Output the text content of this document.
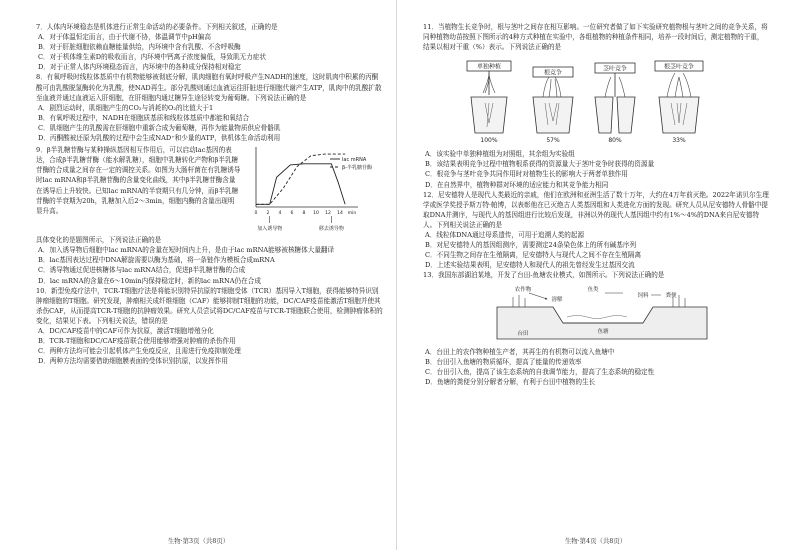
7．人体内环境稳态是机体进行正常生命活动的必要条件。下列相关叙述，正确的是

A．对于体温恒定而言，由于代谢不协，体温调节中pH偏高

B．对于肝脏细胞依赖血糖能量供给，内环境中含有乳酸、不含呼吸酶

C．对于机体维生素D的吸收而言，内环境中钙离子浓度偏低，导致肌无力症状

D．对于正常人体内环境稳态而言，内环境中的各种成分保持相对稳定

8．有氧呼吸时线粒体基质中有机物能够被彻底分解，肌肉细胞有氧时呼吸产生NADH的速度，这时肌肉中积累的丙酮酸可由乳酸脱氢酶转化为乳酸，使NAD再生。部分乳酸则通过血液运往肝脏进行细胞代谢产生ATP，肌肉中的乳酸扩散至血液并通过血液运入肝细胞，在肝细胞内通过糖异生途径转变为葡萄糖。下列说法正确的是

A．剧烈运动时，肌细胞产生的CO₂与消耗的O₂的比值大于1

B．有氧呼吸过程中，NADH在细胞质基质和线粒体基质中都能和氧结合

C．肌细胞产生的乳酸需在肝细胞中重新合成为葡萄糖，再作为能量物质供应骨骼肌

D．丙酮酸被还原为乳酸的过程中会生成NAD⁺和少量的ATP，供机体生命活动利用

9．β半乳糖苷酶与某种操纵基因相互作用后，可以启动lac基因的表达，合成β半乳糖苷酶（能水解乳糖），细胞中乳糖转化产物和β半乳糖苷酶的合成量之间存在一定的调控关系。如图为大肠杆菌在有乳糖诱导时lac mRNA和β半乳糖苷酶的含量变化曲线，其中β半乳糖苷酶含量在诱导后上升较快。已知lac mRNA的半衰期只有几分钟，而β半乳糖苷酶的半衰期为20h，乳糖加入后2～3min，细胞内酶的含量出现明显升高。

lac mRNA
β-半乳糖苷酶
0 2 4 6 8 10 12 14 min
加入诱导物	移去诱导物

具体变化的是题图所示，下列说法正确的是

A．加入诱导物后细胞中lac mRNA的含量在短时间内上升，是由于lac mRNA能够被核糖体大量翻译

B．lac基因表达过程中DNA解旋需要以酶为基础，将一条链作为模板合成mRNA

C．诱导物通过促进核糖体与lac mRNA结合，促进β半乳糖苷酶的合成

D．lac mRNA的含量在6～10min内保持稳定时，新的lac mRNA仍在合成

10．新型免疫疗法中，TCR-T细胞疗法是将能识别特异抗原的T细胞受体（TCR）基因导入T细胞，获得能够特异识别肿瘤细胞的T细胞。研究发现，肿瘤相关成纤维细胞（CAF）能够抑制T细胞的功能，DC/CAF疫苗能激活T细胞并使其杀伤CAF，从而提高TCR-T细胞的抗肿瘤效果。研究人员尝试将DC/CAF疫苗与TCR-T细胞联合使用，检测肿瘤体积的变化，结果见下表。下列相关说法，错误的是

A．DC/CAF疫苗中的CAF可作为抗原，激活T细胞增殖分化

B．TCR-T细胞和DC/CAF疫苗联合使用能够增强对肿瘤的杀伤作用

C．两种方法均可能会引起机体产生免疫反应，且需进行免疫抑制处理

D．两种方法均需要借助细胞膜表面的受体识别抗原，以发挥作用

生物·第3页（共8页）

11．当植物生长竞争时，根与茎叶之间存在相互影响。一位研究者做了如下实验研究植物根与茎叶之间的竞争关系，将同种植物幼苗按照下图所示的4种方式种植在实验中，各组植物的种植条件相同，培养一段时间后，测定植物的干重，结果以相对干重（%）表示。下列说法正确的是

单独种植
100%
根竞争
57%
茎叶竞争
80%
根茎叶竞争
33%

A．该实验中单独种植组为对照组，其余组为实验组

B．该结果表明竞争过程中植物根系获得的资源量大于茎叶竞争时获得的资源量

C．根竞争与茎叶竞争共同作用时对植物生长的影响大于两者单独作用

D．在自然界中，植物种群对环境的适应能力和其竞争能力相同

12．尼安德特人是现代人类最近的亲戚，他们在欧洲和亚洲生活了数十万年，大约在4万年前灭绝。2022年诺贝尔生理学或医学奖授予斯万特·帕博，以表彰他在已灭绝古人类基因组和人类进化方面的发现。研究人员从尼安德特人骨骼中提取DNA并测序，与现代人的基因组进行比较后发现，非洲以外的现代人基因组中约有1%～4%的DNA来自尼安德特人。下列相关说法正确的是

A．线粒体DNA通过母系遗传，可用于追溯人类的起源

B．对尼安德特人的基因组测序，需要测定24条染色体上的所有碱基序列

C．不同生物之间存在生殖隔离，尼安德特人与现代人之间不存在生殖隔离

D．上述实验结果表明，尼安德特人和现代人的祖先曾经发生过基因交流

13．我国东部湖泊某地，开发了台田-鱼塘农业模式，如图所示。下列说法正确的是

鱼类
鱼塘
台田
饲料	粪便
农作物
溶解

A．台田上的农作物种植生产者，其再生的有机物可以流入鱼塘中

B．台田引入鱼塘的物质循环，提高了能量的传递效率

C．台田引入鱼，提高了该生态系统的自我调节能力，提高了生态系统的稳定性

D．鱼塘的粪便分别分解者分解，有利于台田中植物的生长

生物·第4页（共8页）
